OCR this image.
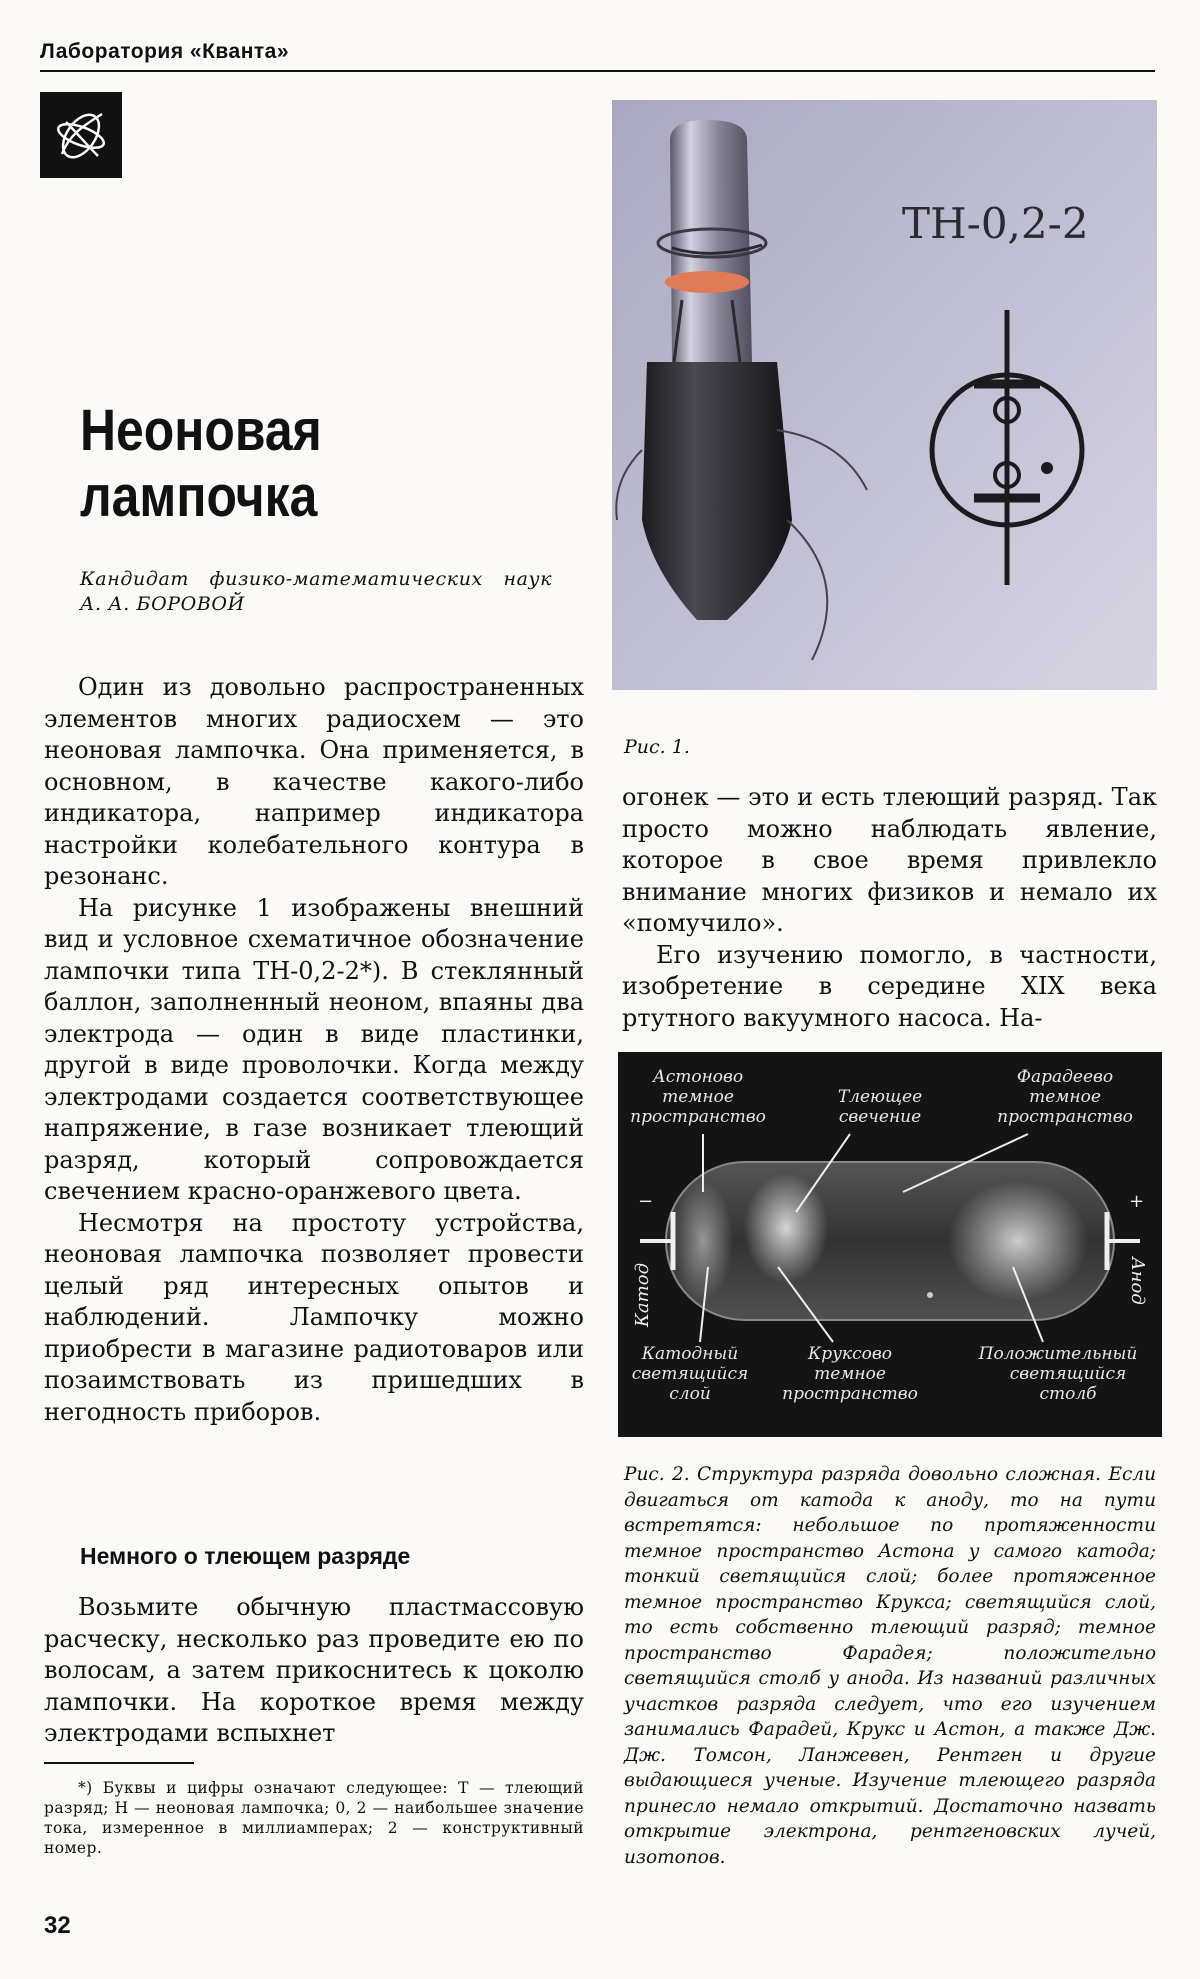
Лаборатория «Кванта»
Неоновая
лампочка
Кандидат физико-математических наук
А. А. БОРОВОЙ

Один из довольно распространенных элементов многих радиосхем — это неоновая лампочка. Она применяется, в основном, в качестве какого-либо индикатора, например индикатора настройки колебательного контура в резонанс.

На рисунке 1 изображены внешний вид и условное схематичное обозначение лампочки типа ТН-0,2-2*). В стеклянный баллон, заполненный неоном, впаяны два электрода — один в виде пластинки, другой в виде проволочки. Когда между электродами создается соответствующее напряжение, в газе возникает тлеющий разряд, который сопровождается свечением красно-оранжевого цвета.

Несмотря на простоту устройства, неоновая лампочка позволяет провести целый ряд интересных опытов и наблюдений. Лампочку можно приобрести в магазине радиотоваров или позаимствовать из пришедших в негодность приборов.

Немного о тлеющем разряде

Возьмите обычную пластмассовую расческу, несколько раз проведите ею по волосам, а затем прикоснитесь к цоколю лампочки. На короткое время между электродами вспыхнет

*) Буквы и цифры означают следующее: Т — тлеющий разряд; Н — неоновая лампочка; 0, 2 — наибольшее значение тока, измеренное в миллиамперах; 2 — конструктивный номер.

32
ТН-0,2-2
Рис. 1.

огонек — это и есть тлеющий разряд. Так просто можно наблюдать явление, которое в свое время привлекло внимание многих физиков и немало их «помучило».

Его изучению помогло, в частности, изобретение в середине XIX века ртутного вакуумного насоса. На-

Астоново
темное
пространство
Тлеющее
свечение
Фарадеево
темное
пространство
Катодный
светящийся
слой
Круксово
темное
пространство
Положительный
светящийся
столб
−	+
Катод	Анод
Рис. 2. Структура разряда довольно сложная. Если двигаться от катода к аноду, то на пути встретятся: небольшое по протяженности темное пространство Астона у самого катода; тонкий светящийся слой; более протяженное темное пространство Крукса; светящийся слой, то есть собственно тлеющий разряд; темное пространство Фарадея; положительно светящийся столб у анода. Из названий различных участков разряда следует, что его изучением занимались Фарадей, Крукс и Астон, а также Дж. Дж. Томсон, Ланжевен, Рентген и другие выдающиеся ученые. Изучение тлеющего разряда принесло немало открытий. Достаточно назвать открытие электрона, рентгеновских лучей, изотопов.
